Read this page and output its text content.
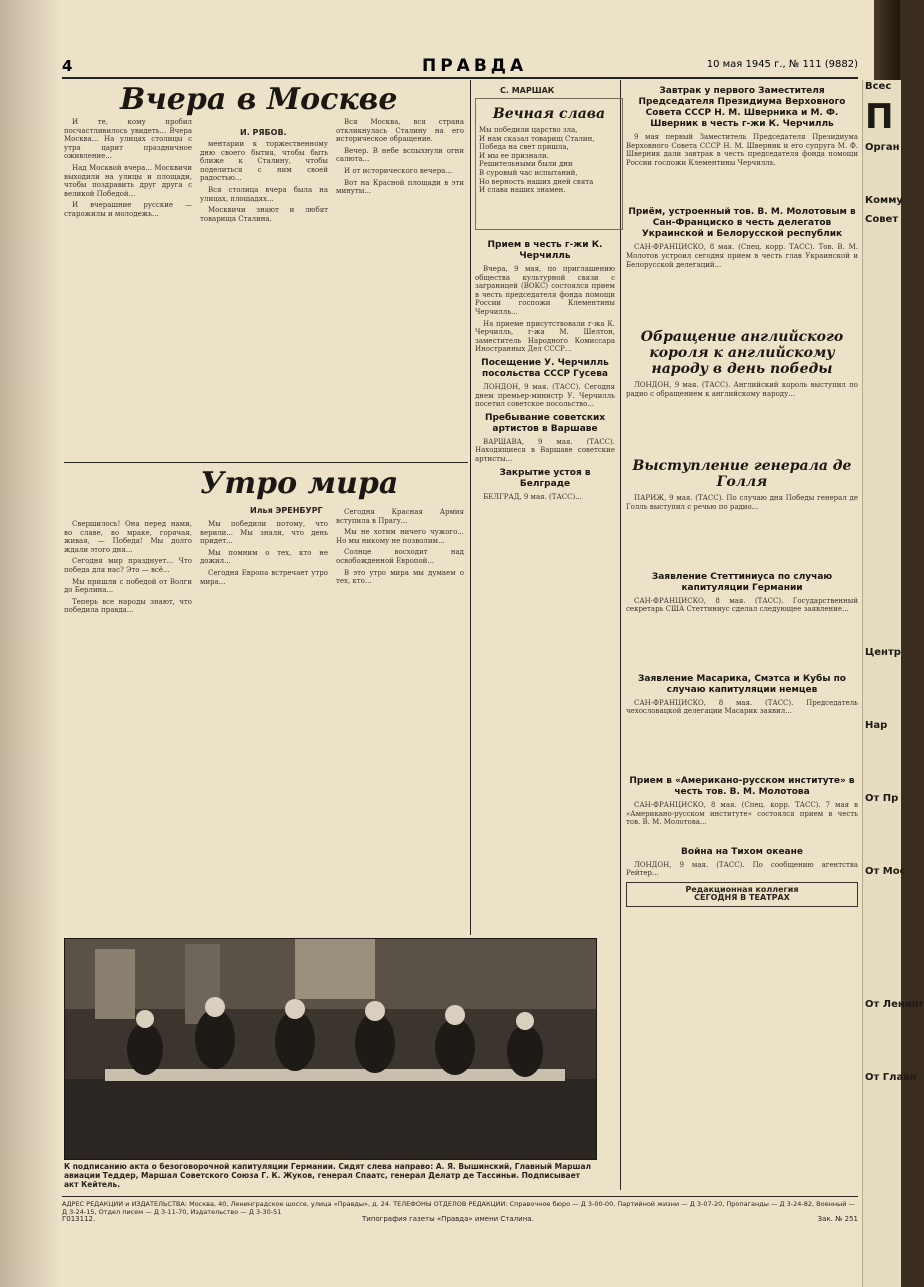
4	ПРАВДА	10 мая 1945 г., № 111 (9882)
Вчера в Москве
И. РЯБОВ.

И те, кому пробил посчастливилось увидеть... Вчера Москва... На улицах столицы с утра царит праздничное оживление...

Над Москвой вчера... Москвичи выходили на улицы и площади, чтобы поздравить друг друга с великой Победой...

И вчерашние русские — старожилы и молодежь...

ментарии к торжественному дню своего бытия, чтобы быть ближе к Сталину, чтобы поделиться с ним своей радостью...

Вся столица вчера была на улицах, площадях...

Москвичи знают и любят товарища Сталина.

Вся Москва, вся страна откликнулась Сталину на его историческое обращение.

Вечер. В небе вспыхнули огни салюта...

И от исторического вечера...

Вот на Красной площади в эти минуты...

С. МАРШАК
Вечная слава
Мы победили царство зла,
И нам сказал товарищ Сталин,
Победа на свет пришла,
И мы ее признали.
Решительными были дни
В суровый час испытаний,
Но верность наших дней свята
И слава наших знамен.
Прием в честь г-жи К. Черчилль

Вчера, 9 мая, по приглашению общества культурной связи с заграницей (ВОКС) состоялся прием в честь председателя фонда помощи России госпожи Клементины Черчилль...

На приеме присутствовали г-жа К. Черчилль, г-жа М. Шелтон, заместитель Народного Комиссара Иностранных Дел СССР...

Посещение У. Черчилль посольства СССР Гусева

ЛОНДОН, 9 мая. (ТАСС). Сегодня днем премьер-министр У. Черчилль посетил советское посольство...

Пребывание советских артистов в Варшаве

ВАРШАВА, 9 мая. (ТАСС). Находящиеся в Варшаве советские артисты...

Закрытие устоя в Белграде

БЕЛГРАД, 9 мая. (ТАСС)...

Завтрак у первого Заместителя Председателя Президиума Верховного Совета СССР Н. М. Шверника и М. Ф. Шверник в честь г-жи К. Черчилль

9 мая первый Заместитель Председателя Президиума Верховного Совета СССР Н. М. Шверник и его супруга М. Ф. Шверник дали завтрак в честь председателя фонда помощи России госпожи Клементины Черчилль.

Приём, устроенный тов. В. М. Молотовым в Сан-Франциско в честь делегатов Украинской и Белорусской республик

САН-ФРАНЦИСКО, 8 мая. (Спец. корр. ТАСС). Тов. В. М. Молотов устроил сегодня прием в честь глав Украинской и Белорусской делегаций...

Обращение английского короля к английскому народу в день победы

ЛОНДОН, 9 мая. (ТАСС). Английский король выступил по радио с обращением к английскому народу...

Выступление генерала де Голля

ПАРИЖ, 9 мая. (ТАСС). По случаю дня Победы генерал де Голль выступил с речью по радио...

Заявление Стеттиниуса по случаю капитуляции Германии

САН-ФРАНЦИСКО, 8 мая. (ТАСС). Государственный секретарь США Стеттиниус сделал следующее заявление...

Заявление Масарика, Смэтса и Кубы по случаю капитуляции немцев

САН-ФРАНЦИСКО, 8 мая. (ТАСС). Председатель чехословацкой делегации Масарик заявил...

Прием в «Американо-русском институте» в честь тов. В. М. Молотова

САН-ФРАНЦИСКО, 8 мая. (Спец. корр. ТАСС). 7 мая в «Американо-русском институте» состоялся прием в честь тов. В. М. Молотова...

Война на Тихом океане

ЛОНДОН, 9 мая. (ТАСС). По сообщению агентства Рейтер...

Редакционная коллегия
СЕГОДНЯ В ТЕАТРАХ
Утро мира
Илья ЭРЕНБУРГ

Свершилось! Она перед нами, во славе, во мраке, горячая, живая, — Победа! Мы долго ждали этого дня...

Сегодня мир празднует... Что победа для нас? Это — всё...

Мы пришли с победой от Волги до Берлина...

Теперь все народы знают, что победила правда...

Мы победили потому, что верили... Мы знали, что день придет...

Мы помним о тех, кто не дожил...

Сегодня Европа встречает утро мира...

Сегодня Красная Армия вступила в Прагу...

Мы не хотим ничего чужого... Но мы никому не позволим...

Солнце восходит над освобожденной Европой...

В это утро мира мы думаем о тех, кто...

К подписанию акта о безоговорочной капитуляции Германии. Сидят слева направо: А. Я. Вышинский, Главный Маршал авиации Теддер, Маршал Советского Союза Г. К. Жуков, генерал Спаатс, генерал Делатр де Тассиньи. Подписывает акт Кейтель.
АДРЕС РЕДАКЦИИ и ИЗДАТЕЛЬСТВА: Москва, 40, Ленинградское шоссе, улица «Правды», д. 24. ТЕЛЕФОНЫ ОТДЕЛОВ РЕДАКЦИИ: Справочное бюро — Д 3-00-00, Партийной жизни — Д 3-07-20, Пропаганды — Д 3-24-82, Военный — Д 3-24-15, Отдел писем — Д 3-11-70, Издательство — Д 3-30-51
Г013112.	Типография газеты «Правда» имени Сталина.	Зак. № 251
Всес
П
Орган
Комму
Совет
Центр
Нар
От Пр
От Мос
От Ленинг
От Главн
